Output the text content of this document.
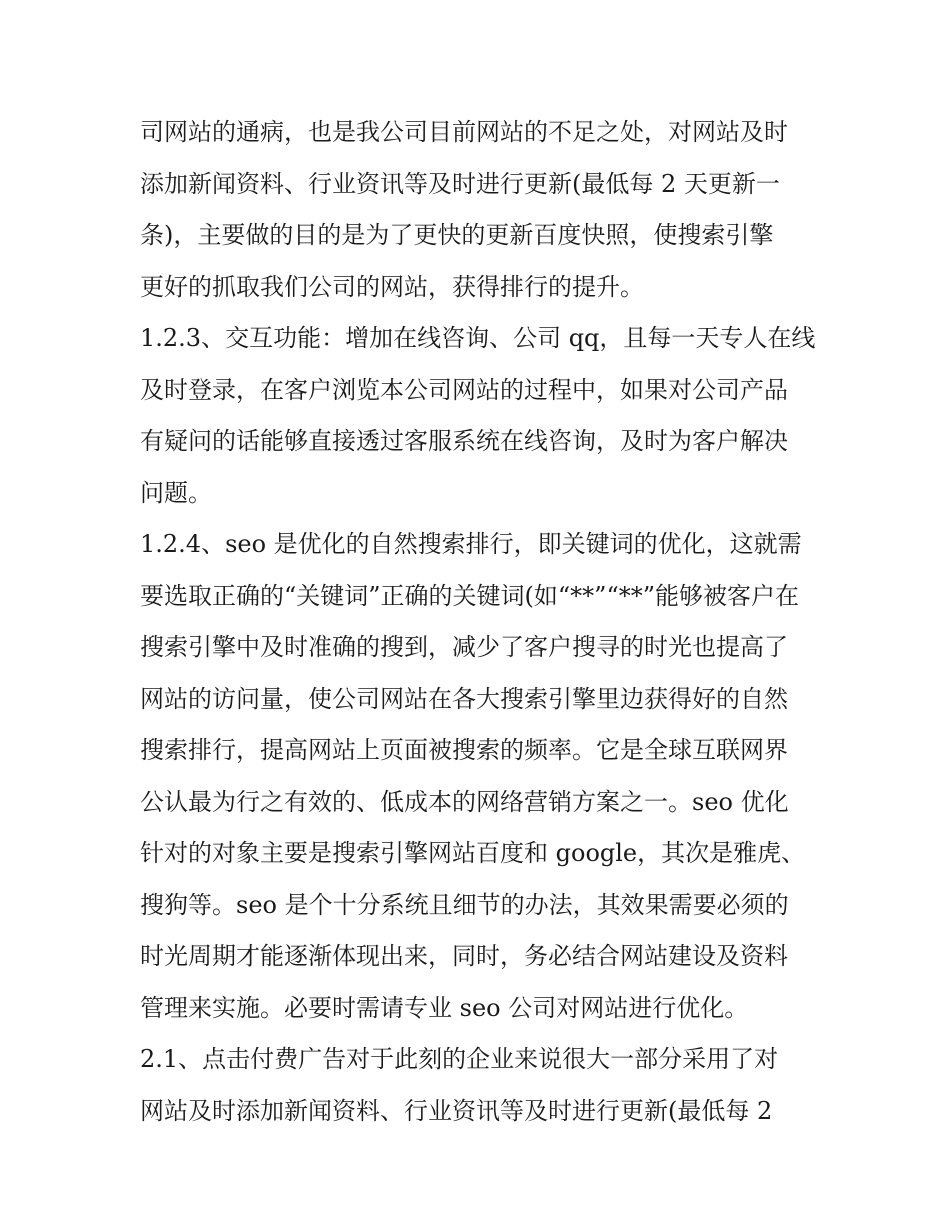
司网站的通病，也是我公司目前网站的不足之处，对网站及时
添加新闻资料、行业资讯等及时进行更新(最低每 2 天更新一
条)，主要做的目的是为了更快的更新百度快照，使搜索引擎
更好的抓取我们公司的网站，获得排行的提升。
1.2.3、交互功能：增加在线咨询、公司 qq，且每一天专人在线
及时登录，在客户浏览本公司网站的过程中，如果对公司产品
有疑问的话能够直接透过客服系统在线咨询，及时为客户解决
问题。
1.2.4、seo 是优化的自然搜索排行，即关键词的优化，这就需
要选取正确的“关键词”正确的关键词(如“**”“**”能够被客户在
搜索引擎中及时准确的搜到，减少了客户搜寻的时光也提高了
网站的访问量，使公司网站在各大搜索引擎里边获得好的自然
搜索排行，提高网站上页面被搜索的频率。它是全球互联网界
公认最为行之有效的、低成本的网络营销方案之一。seo 优化
针对的对象主要是搜索引擎网站百度和 google，其次是雅虎、
搜狗等。seo 是个十分系统且细节的办法，其效果需要必须的
时光周期才能逐渐体现出来，同时，务必结合网站建设及资料
管理来实施。必要时需请专业 seo 公司对网站进行优化。
2.1、点击付费广告对于此刻的企业来说很大一部分采用了对
网站及时添加新闻资料、行业资讯等及时进行更新(最低每 2
